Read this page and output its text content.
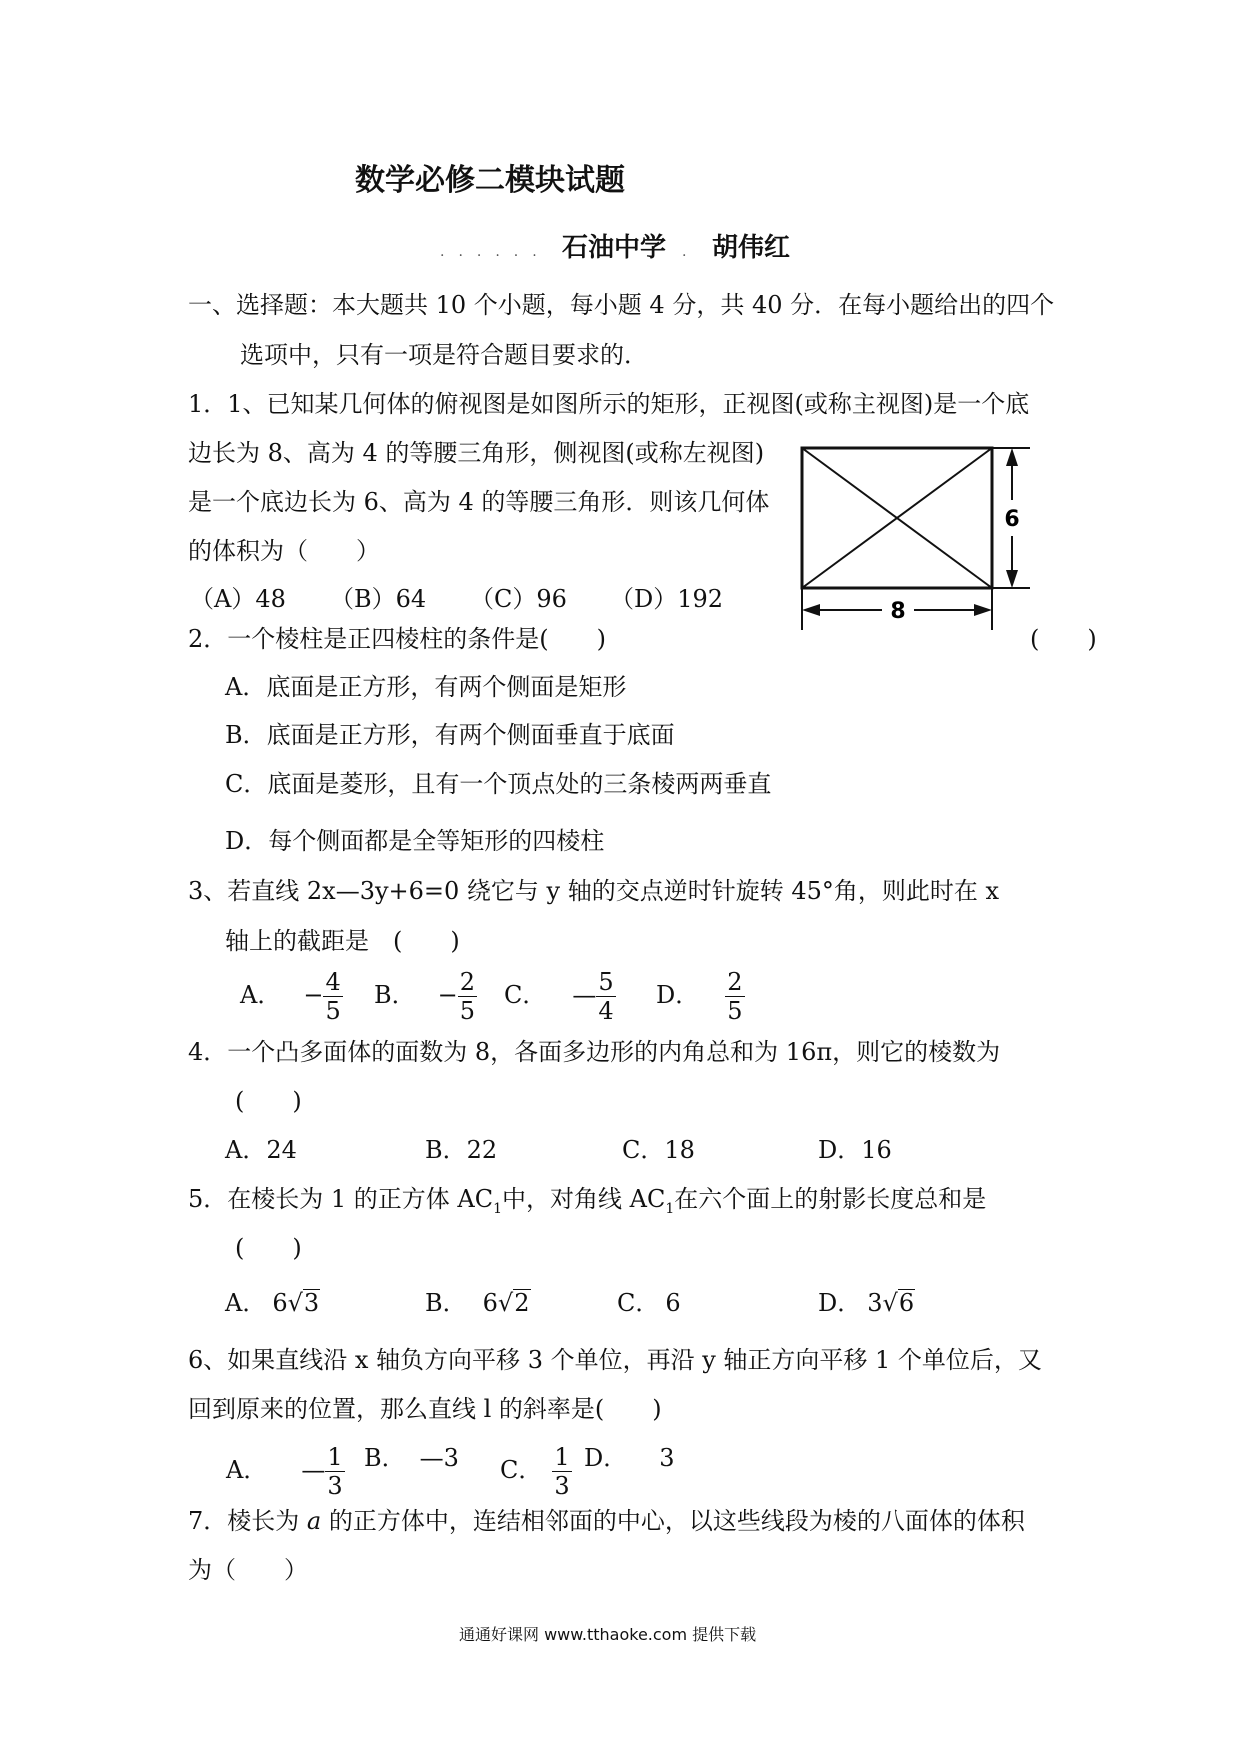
数学必修二模块试题
...... 石油中学 . 胡伟红
一、选择题：本大题共 10 个小题，每小题 4 分，共 40 分．在每小题给出的四个
选项中，只有一项是符合题目要求的．
1．1、已知某几何体的俯视图是如图所示的矩形，正视图(或称主视图)是一个底
边长为 8、高为 4 的等腰三角形，侧视图(或称左视图)
是一个底边长为 6、高为 4 的等腰三角形．则该几何体
的体积为（　　）
（A）48 （B）64 （C）96 （D）192
6
8
2．一个棱柱是正四棱柱的条件是(　　)	(　　)
A．底面是正方形，有两个侧面是矩形
B．底面是正方形，有两个侧面垂直于底面
C．底面是菱形，且有一个顶点处的三条棱两两垂直
D．每个侧面都是全等矩形的四棱柱
3、若直线 2x—3y+6=0 绕它与 y 轴的交点逆时针旋转 45°角，则此时在 x
轴上的截距是　(　　)
A． − $\frac{4}{5}$ B． − $\frac{2}{5}$ C． — $\frac{5}{4}$ D． $\frac{2}{5}$
4．一个凸多面体的面数为 8，各面多边形的内角总和为 16π，则它的棱数为
(　　)
A．24	B．22	C．18	D．16
5．在棱长为 1 的正方体 $AC_1$中，对角线 $AC_1$在六个面上的射影长度总和是
(　　)
A． 6√3	B． 6√2	C． 6	D． 3√6
6、如果直线沿 x 轴负方向平移 3 个单位，再沿 y 轴正方向平移 1 个单位后，又
回到原来的位置，那么直线 l 的斜率是(　　)
A． — $\frac{1}{3}$ B． —3 C． $\frac{1}{3}$ D． 3
7．棱长为 a 的正方体中，连结相邻面的中心，以这些线段为棱的八面体的体积
为（　　）
通通好课网 www.tthaoke.com 提供下载
